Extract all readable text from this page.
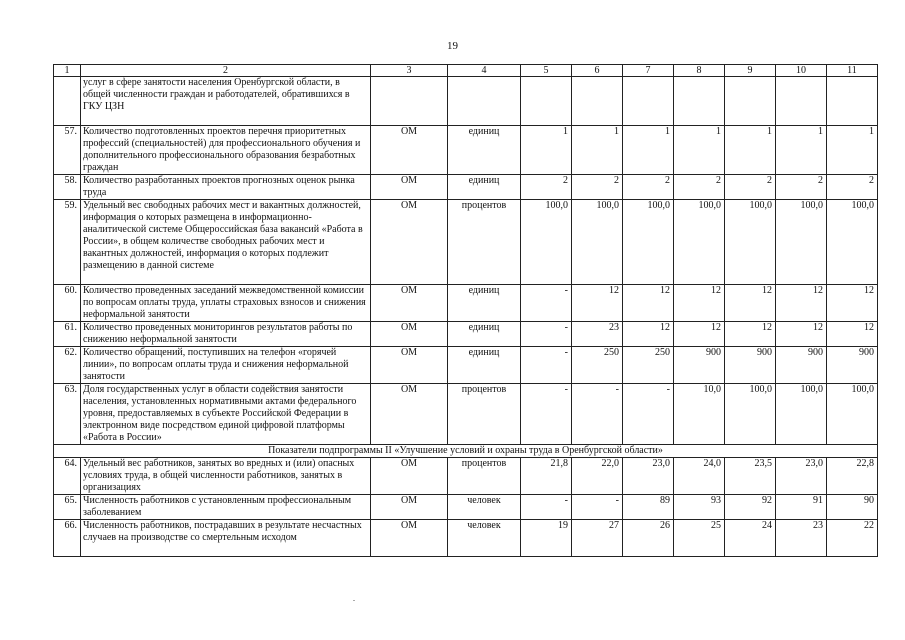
19
1	2	3	4	5	6	7	8	9	10	11
	услуг в сфере занятости населения Оренбургской области, в общей численности граждан и работодателей, обратившихся в ГКУ ЦЗН									
57.	Количество подготовленных проектов перечня приоритетных профессий (специальностей) для профессионального обучения и дополнительного профессионального образования безработных граждан	ОМ	единиц	1	1	1	1	1	1	1
58.	Количество разработанных проектов прогнозных оценок рынка труда	ОМ	единиц	2	2	2	2	2	2	2
59.	Удельный вес свободных рабочих мест и вакантных должностей, информация о которых размещена в информационно-аналитической системе Общероссийская база вакансий «Работа в России», в общем количестве свободных рабочих мест и вакантных должностей, информация о которых подлежит размещению в данной системе	ОМ	процентов	100,0	100,0	100,0	100,0	100,0	100,0	100,0
60.	Количество проведенных заседаний межведомственной комиссии по вопросам оплаты труда, уплаты страховых взносов и снижения неформальной занятости	ОМ	единиц	-	12	12	12	12	12	12
61.	Количество проведенных мониторингов результатов работы по снижению неформальной занятости	ОМ	единиц	-	23	12	12	12	12	12
62.	Количество обращений, поступивших на телефон «горячей линии», по вопросам оплаты труда и снижения неформальной занятости	ОМ	единиц	-	250	250	900	900	900	900
63.	Доля государственных услуг в области содействия занятости населения, установленных нормативными актами федерального уровня, предоставляемых в субъекте Российской Федерации в электронном виде посредством единой цифровой платформы «Работа в России»	ОМ	процентов	-	-	-	10,0	100,0	100,0	100,0
Показатели подпрограммы II «Улучшение условий и охраны труда в Оренбургской области»										
64.	Удельный вес работников, занятых во вредных и (или) опасных условиях труда, в общей численности работников, занятых в организациях	ОМ	процентов	21,8	22,0	23,0	24,0	23,5	23,0	22,8
65.	Численность работников с установленным профессиональным заболеванием	ОМ	человек	-	-	89	93	92	91	90
66.	Численность работников, пострадавших в результате несчастных случаев на производстве со смертельным исходом	ОМ	человек	19	27	26	25	24	23	22
